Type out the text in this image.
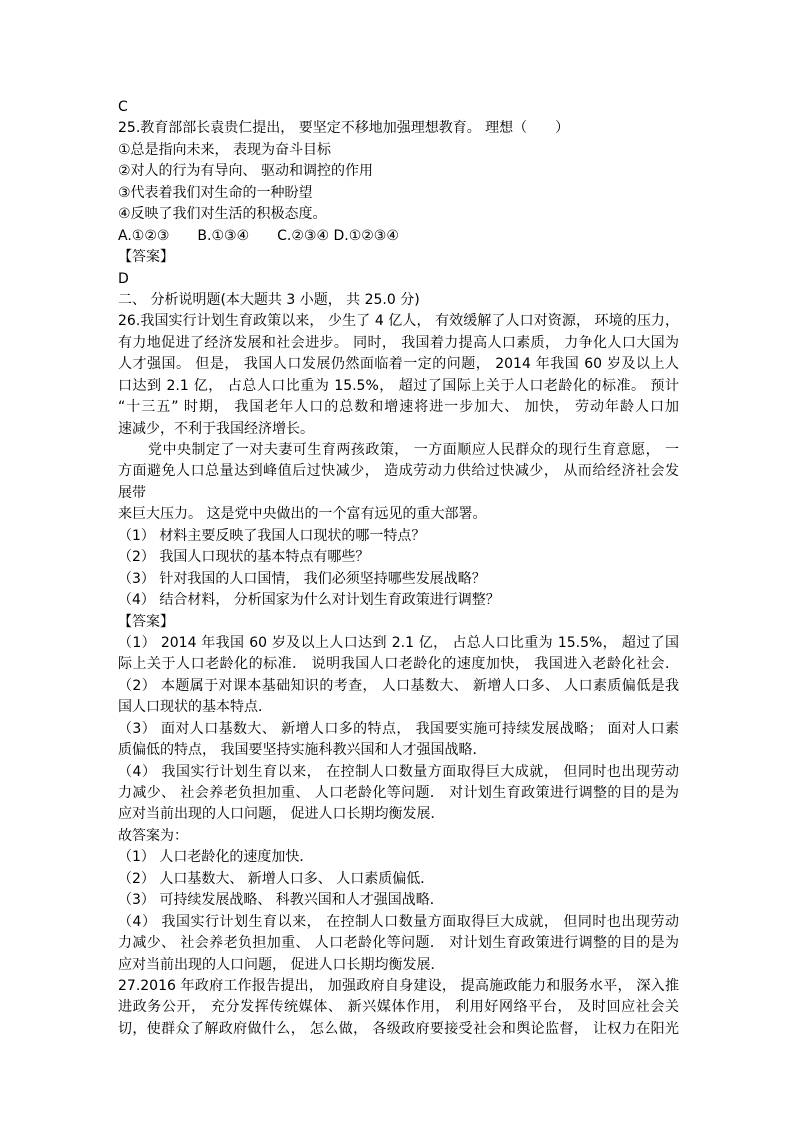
C
25.教育部部长袁贵仁提出， 要坚定不移地加强理想教育。 理想（　　）
①总是指向未来， 表现为奋斗目标
②对人的行为有导向、 驱动和调控的作用
③代表着我们对生命的一种盼望
④反映了我们对生活的积极态度。
A.①②③　　B.①③④　　C.②③④ D.①②③④
【答案】
D
二、 分析说明题(本大题共 3 小题， 共 25.0 分)
26.我国实行计划生育政策以来， 少生了 4 亿人， 有效缓解了人口对资源， 环境的压力，
有力地促进了经济发展和社会进步。 同时， 我国着力提高人口素质， 力争化人口大国为
人才强国。 但是， 我国人口发展仍然面临着一定的问题， 2014 年我国 60 岁及以上人
口达到 2.1 亿， 占总人口比重为 15.5%， 超过了国际上关于人口老龄化的标准。 预计
“十三五” 时期， 我国老年人口的总数和增速将进一步加大、 加快， 劳动年龄人口加
速减少，不利于我国经济增长。
党中央制定了一对夫妻可生育两孩政策， 一方面顺应人民群众的现行生育意愿， 一
方面避免人口总量达到峰值后过快减少， 造成劳动力供给过快减少， 从而给经济社会发
展带
来巨大压力。 这是党中央做出的一个富有远见的重大部署。
（1） 材料主要反映了我国人口现状的哪一特点？
（2） 我国人口现状的基本特点有哪些？
（3） 针对我国的人口国情， 我们必须坚持哪些发展战略？
（4） 结合材料， 分析国家为什么对计划生育政策进行调整？
【答案】
（1） 2014 年我国 60 岁及以上人口达到 2.1 亿， 占总人口比重为 15.5%， 超过了国
际上关于人口老龄化的标准． 说明我国人口老龄化的速度加快， 我国进入老龄化社会．
（2） 本题属于对课本基础知识的考查， 人口基数大、 新增人口多、 人口素质偏低是我
国人口现状的基本特点．
（3） 面对人口基数大、 新增人口多的特点， 我国要实施可持续发展战略； 面对人口素
质偏低的特点， 我国要坚持实施科教兴国和人才强国战略．
（4） 我国实行计划生育以来， 在控制人口数量方面取得巨大成就， 但同时也出现劳动
力减少、 社会养老负担加重、 人口老龄化等问题． 对计划生育政策进行调整的目的是为
应对当前出现的人口问题， 促进人口长期均衡发展．
故答案为：
（1） 人口老龄化的速度加快．
（2） 人口基数大、 新增人口多、 人口素质偏低．
（3） 可持续发展战略、 科教兴国和人才强国战略．
（4） 我国实行计划生育以来， 在控制人口数量方面取得巨大成就， 但同时也出现劳动
力减少、 社会养老负担加重、 人口老龄化等问题． 对计划生育政策进行调整的目的是为
应对当前出现的人口问题， 促进人口长期均衡发展．
27.2016 年政府工作报告提出， 加强政府自身建设， 提高施政能力和服务水平， 深入推
进政务公开， 充分发挥传统媒体、 新兴媒体作用， 利用好网络平台， 及时回应社会关
切，使群众了解政府做什么， 怎么做， 各级政府要接受社会和舆论监督， 让权力在阳光
